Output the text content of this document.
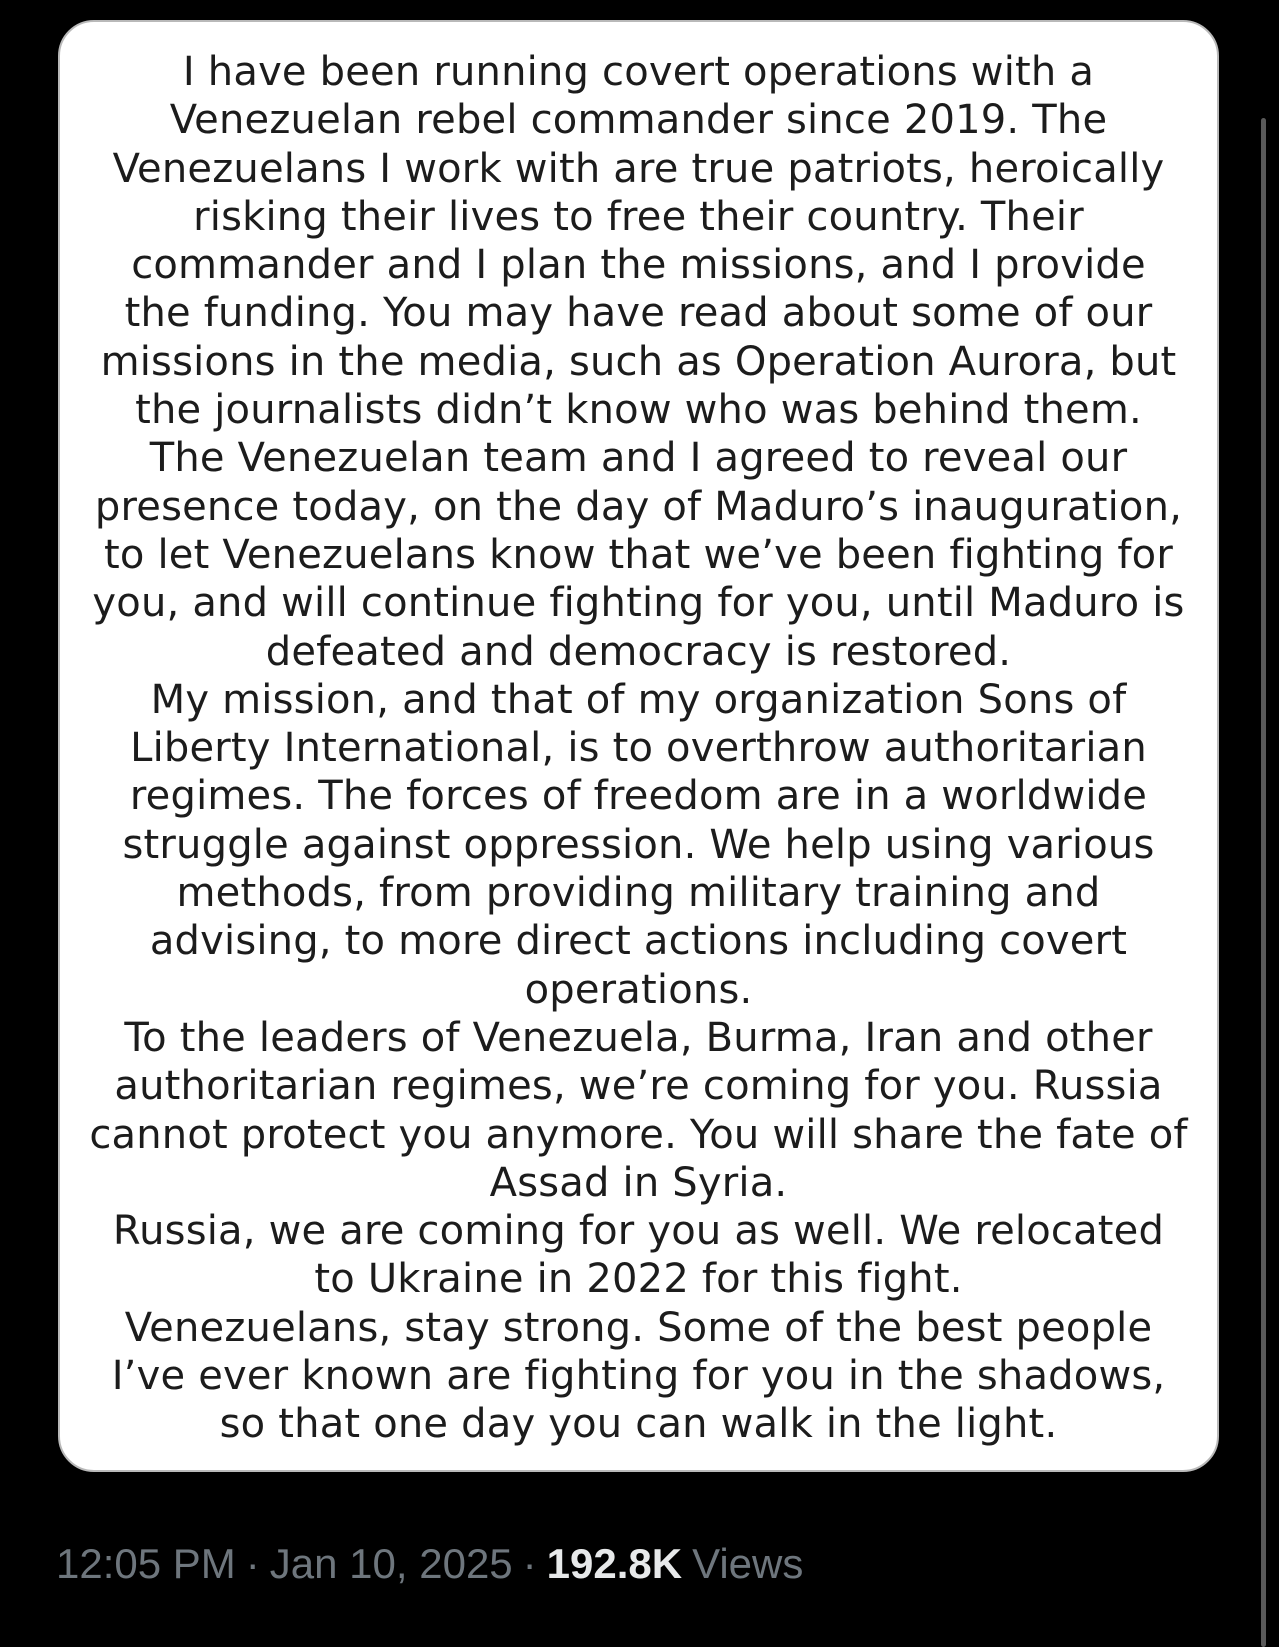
I have been running covert operations with a
Venezuelan rebel commander since 2019. The
Venezuelans I work with are true patriots, heroically
risking their lives to free their country. Their
commander and I plan the missions, and I provide
the funding. You may have read about some of our
missions in the media, such as Operation Aurora, but
the journalists didn’t know who was behind them.
The Venezuelan team and I agreed to reveal our
presence today, on the day of Maduro’s inauguration,
to let Venezuelans know that we’ve been fighting for
you, and will continue fighting for you, until Maduro is
defeated and democracy is restored.
My mission, and that of my organization Sons of
Liberty International, is to overthrow authoritarian
regimes. The forces of freedom are in a worldwide
struggle against oppression. We help using various
methods, from providing military training and
advising, to more direct actions including covert
operations.
To the leaders of Venezuela, Burma, Iran and other
authoritarian regimes, we’re coming for you. Russia
cannot protect you anymore. You will share the fate of
Assad in Syria.
Russia, we are coming for you as well. We relocated
to Ukraine in 2022 for this fight.
Venezuelans, stay strong. Some of the best people
I’ve ever known are fighting for you in the shadows,
so that one day you can walk in the light.
12:05 PM · Jan 10, 2025 · 192.8K Views
